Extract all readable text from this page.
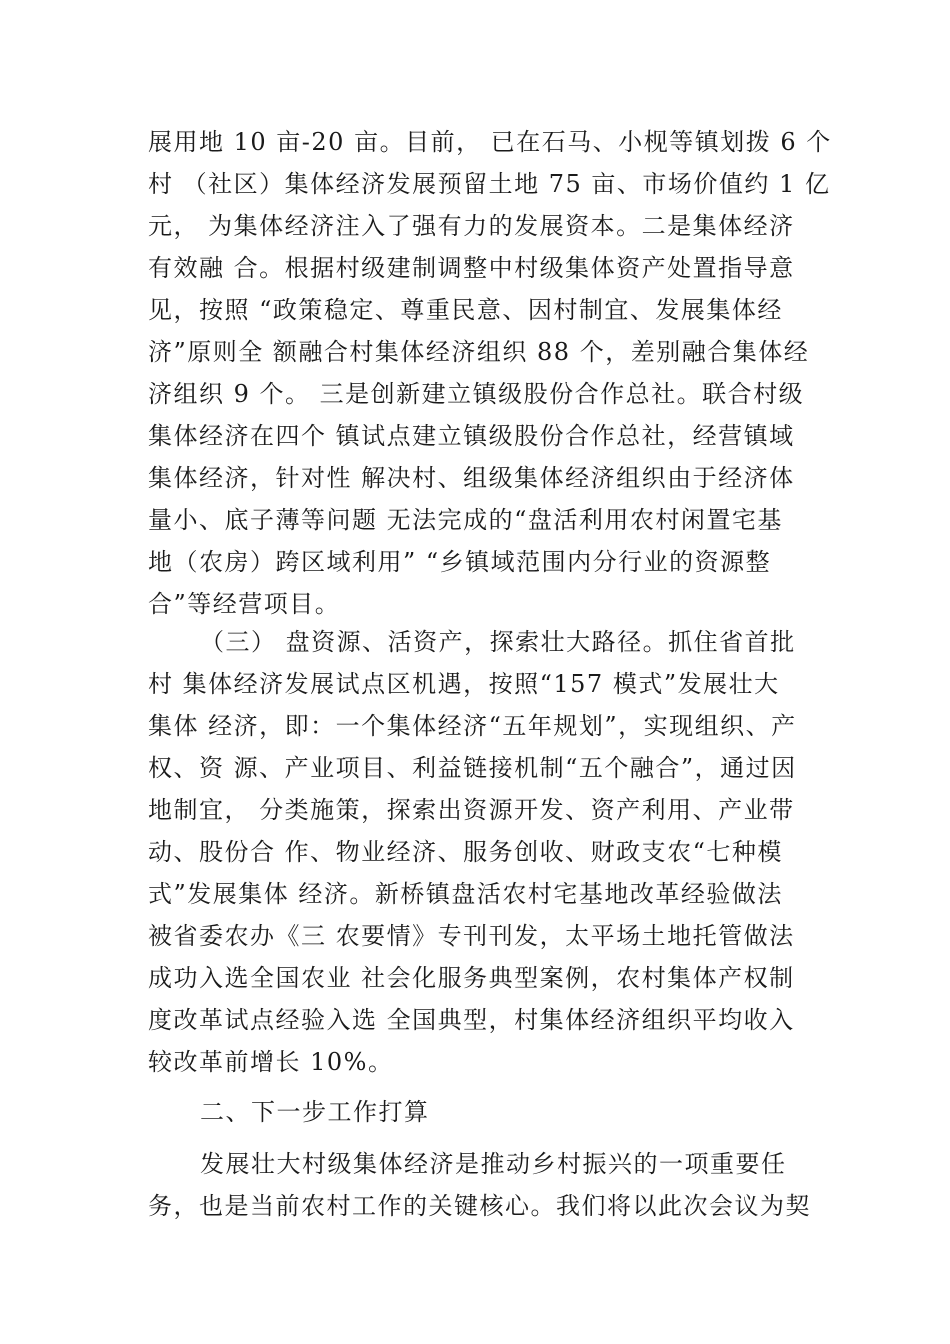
展用地 10 亩-20 亩。目前， 已在石马、小枧等镇划拨 6 个
村 （社区）集体经济发展预留土地 75 亩、市场价值约 1 亿
元， 为集体经济注入了强有力的发展资本。二是集体经济
有效融 合。根据村级建制调整中村级集体资产处置指导意
见，按照 “政策稳定、尊重民意、因村制宜、发展集体经
济”原则全 额融合村集体经济组织 88 个，差别融合集体经
济组织 9 个。 三是创新建立镇级股份合作总社。联合村级
集体经济在四个 镇试点建立镇级股份合作总社，经营镇域
集体经济，针对性 解决村、组级集体经济组织由于经济体
量小、底子薄等问题 无法完成的“盘活利用农村闲置宅基
地（农房）跨区域利用” “乡镇域范围内分行业的资源整
合”等经营项目。
（三） 盘资源、活资产，探索壮大路径。抓住省首批
村 集体经济发展试点区机遇，按照“157 模式”发展壮大
集体 经济，即：一个集体经济“五年规划”，实现组织、产
权、资 源、产业项目、利益链接机制“五个融合”，通过因
地制宜， 分类施策，探索出资源开发、资产利用、产业带
动、股份合 作、物业经济、服务创收、财政支农“七种模
式”发展集体 经济。新桥镇盘活农村宅基地改革经验做法
被省委农办《三 农要情》专刊刊发，太平场土地托管做法
成功入选全国农业 社会化服务典型案例，农村集体产权制
度改革试点经验入选 全国典型，村集体经济组织平均收入
较改革前增长 10%。
二、下一步工作打算
发展壮大村级集体经济是推动乡村振兴的一项重要任
务，也是当前农村工作的关键核心。我们将以此次会议为契
